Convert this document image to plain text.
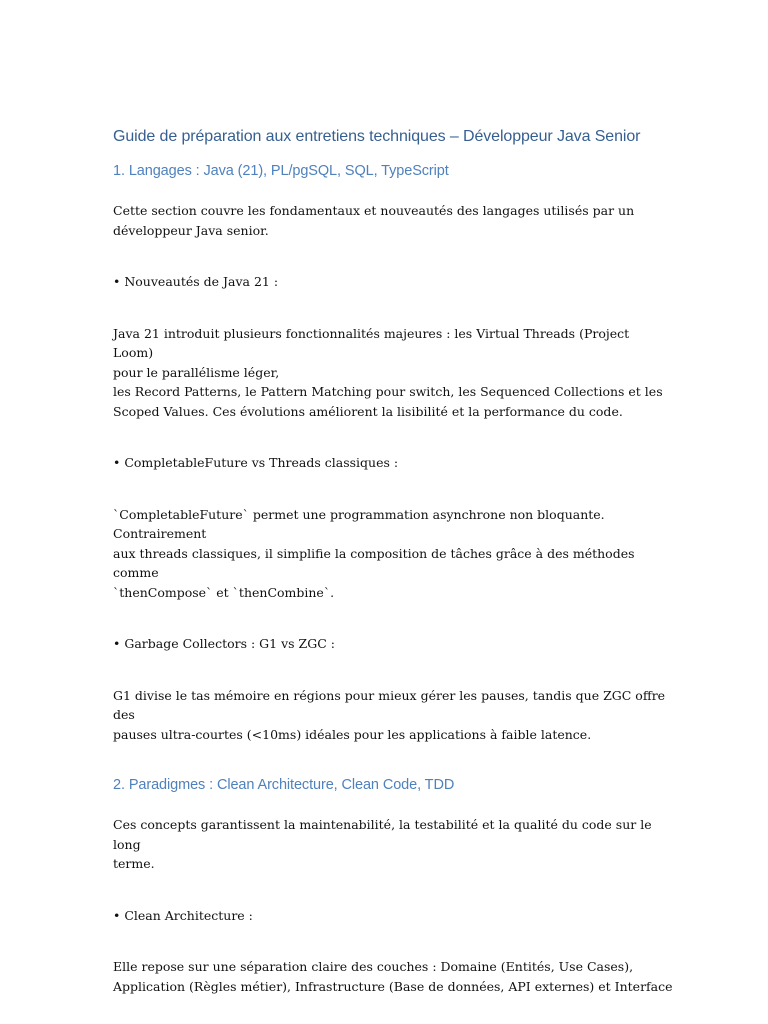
Guide de préparation aux entretiens techniques – Développeur Java Senior
1. Langages : Java (21), PL/pgSQL, SQL, TypeScript
Cette section couvre les fondamentaux et nouveautés des langages utilisés par un
développeur Java senior.
• Nouveautés de Java 21 :
Java 21 introduit plusieurs fonctionnalités majeures : les Virtual Threads (Project Loom)
pour le parallélisme léger,
les Record Patterns, le Pattern Matching pour switch, les Sequenced Collections et les
Scoped Values. Ces évolutions améliorent la lisibilité et la performance du code.
• CompletableFuture vs Threads classiques :
`CompletableFuture` permet une programmation asynchrone non bloquante. Contrairement
aux threads classiques, il simplifie la composition de tâches grâce à des méthodes comme
`thenCompose` et `thenCombine`.
• Garbage Collectors : G1 vs ZGC :
G1 divise le tas mémoire en régions pour mieux gérer les pauses, tandis que ZGC offre des
pauses ultra-courtes (<10ms) idéales pour les applications à faible latence.
2. Paradigmes : Clean Architecture, Clean Code, TDD
Ces concepts garantissent la maintenabilité, la testabilité et la qualité du code sur le long
terme.
• Clean Architecture :
Elle repose sur une séparation claire des couches : Domaine (Entités, Use Cases),
Application (Règles métier), Infrastructure (Base de données, API externes) et Interface
